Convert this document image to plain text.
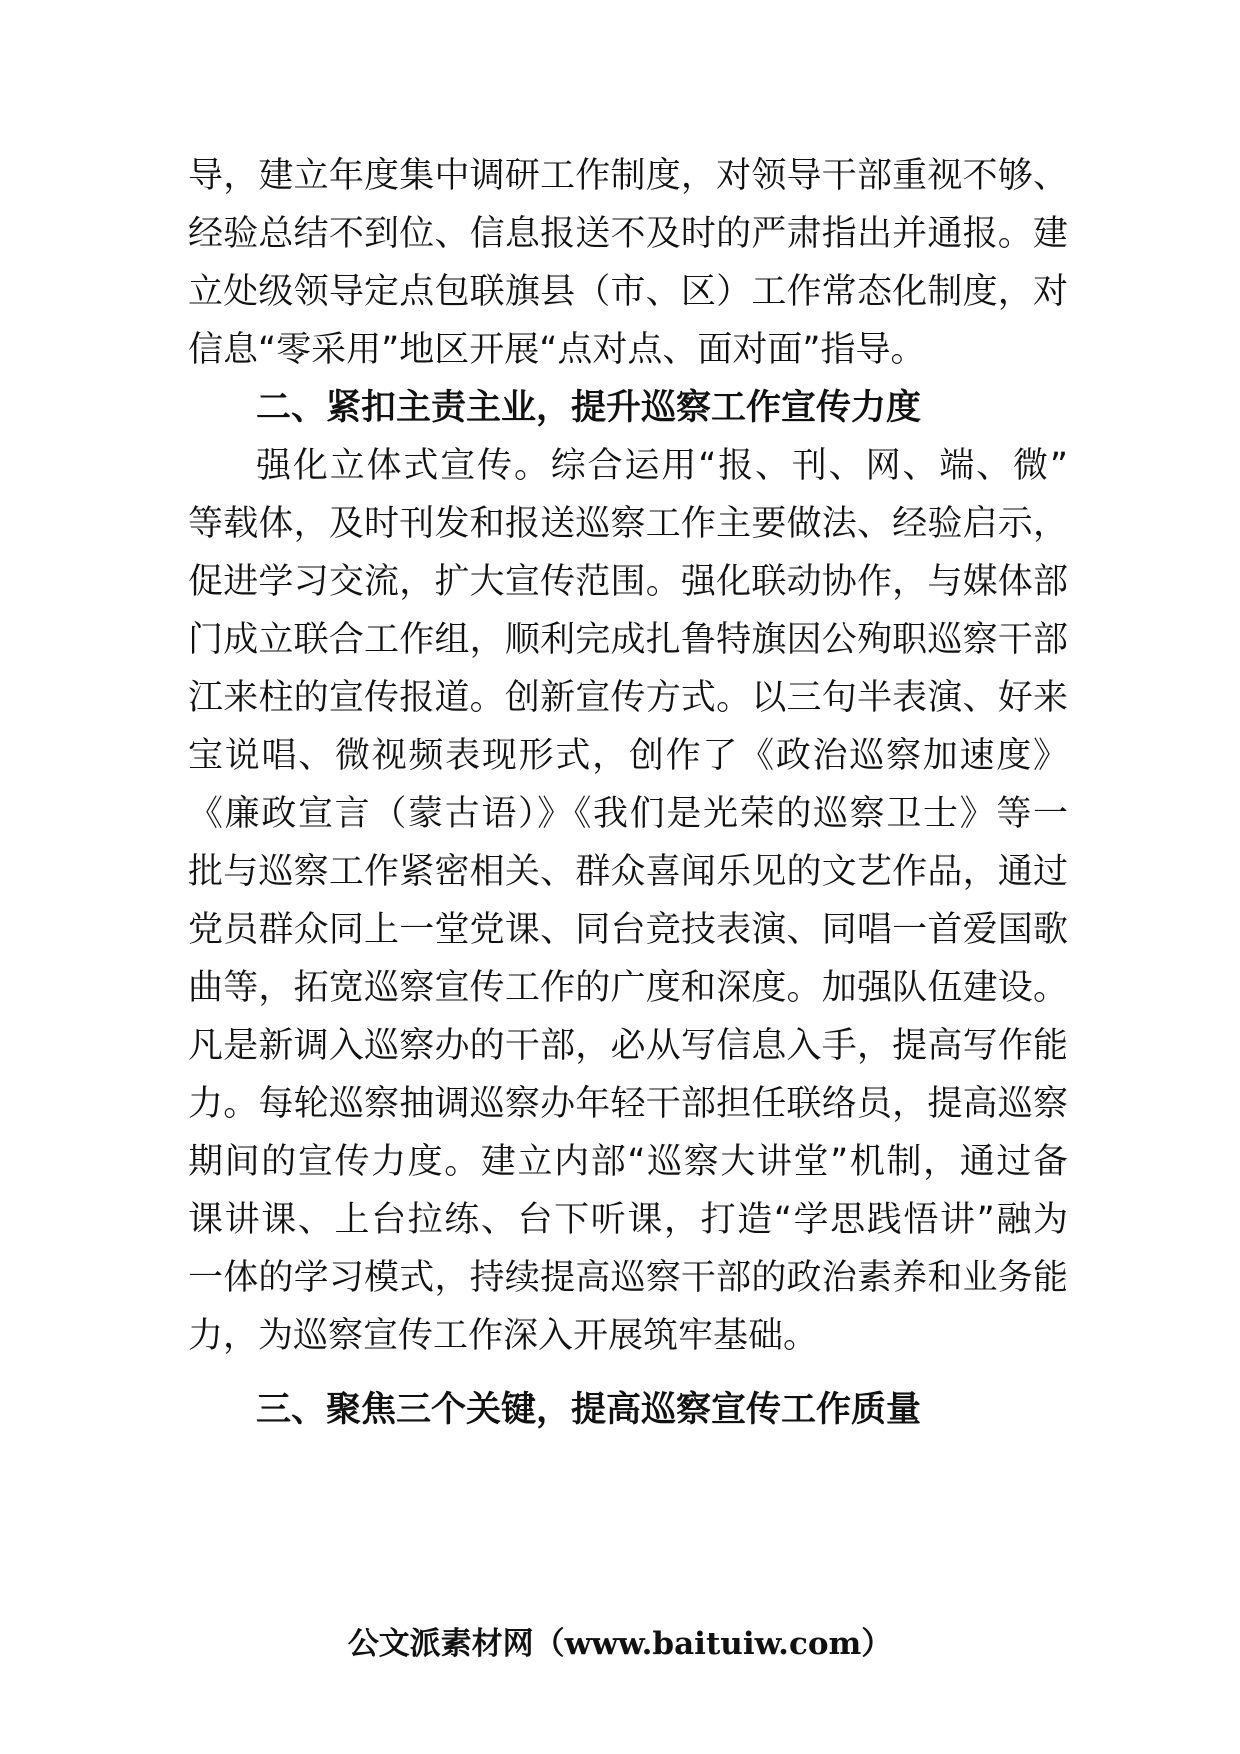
导，建立年度集中调研工作制度，对领导干部重视不够、
经验总结不到位、信息报送不及时的严肃指出并通报。建
立处级领导定点包联旗县（市、区）工作常态化制度，对
信息“零采用”地区开展“点对点、面对面”指导。
二、紧扣主责主业，提升巡察工作宣传力度
强化立体式宣传。综合运用“报、刊、网、端、微”
等载体，及时刊发和报送巡察工作主要做法、经验启示，
促进学习交流，扩大宣传范围。强化联动协作，与媒体部
门成立联合工作组，顺利完成扎鲁特旗因公殉职巡察干部
江来柱的宣传报道。创新宣传方式。以三句半表演、好来
宝说唱、微视频表现形式，创作了《政治巡察加速度》
《廉政宣言（蒙古语）》《我们是光荣的巡察卫士》等一
批与巡察工作紧密相关、群众喜闻乐见的文艺作品，通过
党员群众同上一堂党课、同台竞技表演、同唱一首爱国歌
曲等，拓宽巡察宣传工作的广度和深度。加强队伍建设。
凡是新调入巡察办的干部，必从写信息入手，提高写作能
力。每轮巡察抽调巡察办年轻干部担任联络员，提高巡察
期间的宣传力度。建立内部“巡察大讲堂”机制，通过备
课讲课、上台拉练、台下听课，打造“学思践悟讲”融为
一体的学习模式，持续提高巡察干部的政治素养和业务能
力，为巡察宣传工作深入开展筑牢基础。
三、聚焦三个关键，提高巡察宣传工作质量
公文派素材网（www.baituiw.com）
